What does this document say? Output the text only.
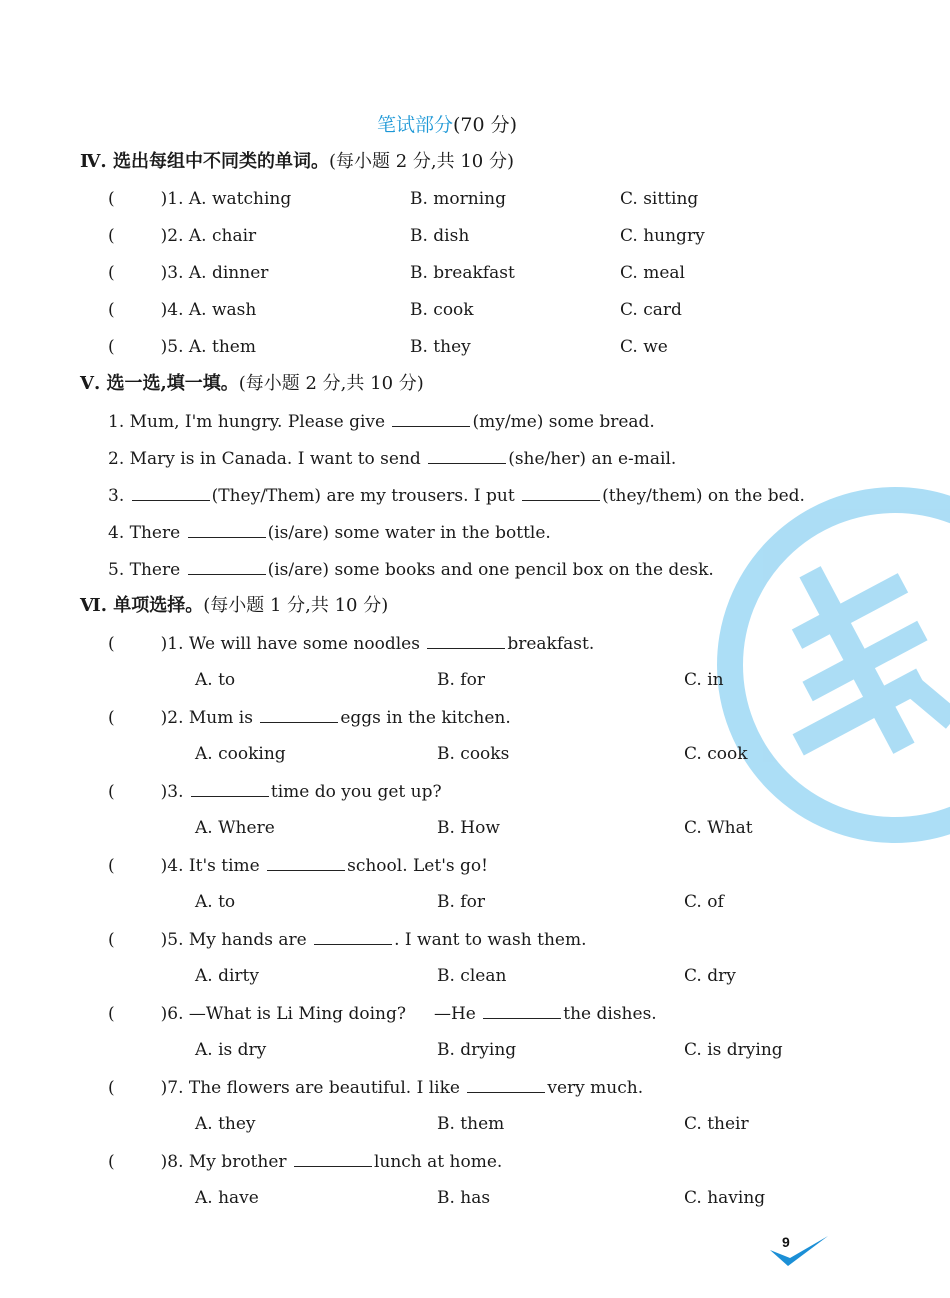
笔试部分(70 分)
Ⅳ. 选出每组中不同类的单词。(每小题 2 分,共 10 分)
(	)1. A. watching	B. morning	C. sitting
(	)2. A. chair	B. dish	C. hungry
(	)3. A. dinner	B. breakfast	C. meal
(	)4. A. wash	B. cook	C. card
(	)5. A. them	B. they	C. we
Ⅴ. 选一选,填一填。(每小题 2 分,共 10 分)
1. Mum, I'm hungry. Please give	(my/me) some bread.
2. Mary is in Canada. I want to send	(she/her) an e-mail.
3.	(They/Them) are my trousers. I put	(they/them) on the bed.
4. There	(is/are) some water in the bottle.
5. There	(is/are) some books and one pencil box on the desk.
Ⅵ. 单项选择。(每小题 1 分,共 10 分)
(	)1. We will have some noodles	breakfast.
A. to	B. for	C. in
(	)2. Mum is	eggs in the kitchen.
A. cooking	B. cooks	C. cook
(	)3.	time do you get up?
A. Where	B. How	C. What
(	)4. It's time	school. Let's go!
A. to	B. for	C. of
(	)5. My hands are	. I want to wash them.
A. dirty	B. clean	C. dry
(	)6. —What is Li Ming doing? —He	the dishes.
A. is dry	B. drying	C. is drying
(	)7. The flowers are beautiful. I like	very much.
A. they	B. them	C. their
(	)8. My brother	lunch at home.
A. have	B. has	C. having
9
